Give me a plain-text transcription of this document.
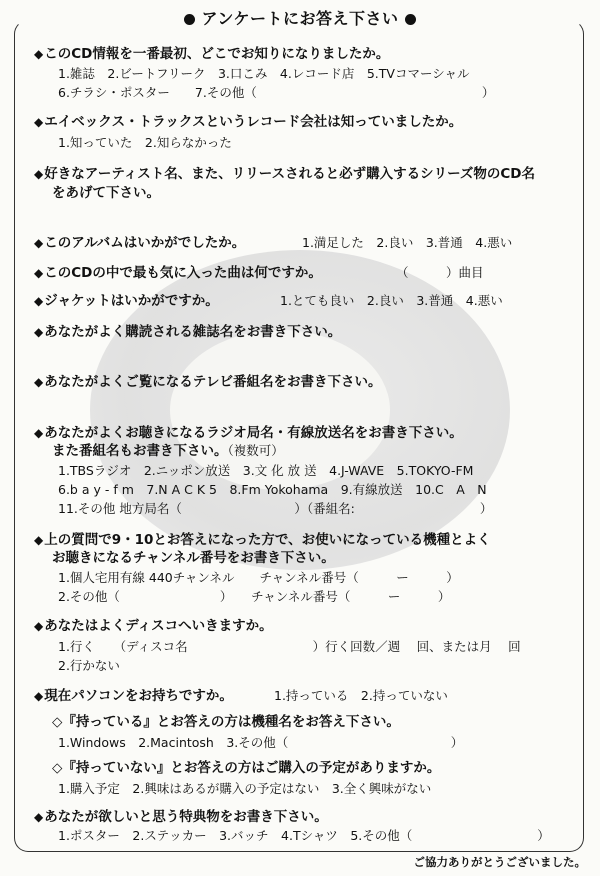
アンケートにお答え下さい
◆このCD情報を一番最初、どこでお知りになりましたか。
1.雑誌　2.ビートフリーク　3.口こみ　4.レコード店　5.TVコマーシャル
6.チラシ・ポスター　　7.その他（　　　　　　　　　　　　　　　　　　）
◆エイベックス・トラックスというレコード会社は知っていましたか。
1.知っていた　2.知らなかった
◆好きなアーティスト名、また、リリースされると必ず購入するシリーズ物のCD名
をあげて下さい。
◆このアルバムはいかがでしたか。	1.満足した　2.良い　3.普通　4.悪い
◆このCDの中で最も気に入った曲は何ですか。	（　　　）曲目
◆ジャケットはいかがですか。	1.とても良い　2.良い　3.普通　4.悪い
◆あなたがよく購読される雑誌名をお書き下さい。
◆あなたがよくご覧になるテレビ番組名をお書き下さい。
◆あなたがよくお聴きになるラジオ局名・有線放送名をお書き下さい。
また番組名もお書き下さい。（複数可）
1.TBSラジオ　2.ニッポン放送　3.文 化 放 送　4.J-WAVE　5.TOKYO-FM
6.b a y - f m　7.N A C K 5　8.Fm Yokohama　9.有線放送　10.C　A　N
11.その他 地方局名（　　　　　　　　　）（番組名:　　　　　　　　　　）
◆上の質問で9・10とお答えになった方で、お使いになっている機種とよく
お聴きになるチャンネル番号をお書き下さい。
1.個人宅用有線 440チャンネル　　チャンネル番号（　　　ー　　　）
2.その他（　　　　　　　　）　　チャンネル番号（　　　ー　　　）
◆あなたはよくディスコへいきますか。
1.行く　　（ディスコ名　　　　　　　　　　）行く回数／週　 回、または月　 回
2.行かない
◆現在パソコンをお持ちですか。	1.持っている　2.持っていない
◇『持っている』とお答えの方は機種名をお答え下さい。
1.Windows　2.Macintosh　3.その他（　　　　　　　　　　　　　）
◇『持っていない』とお答えの方はご購入の予定がありますか。
1.購入予定　2.興味はあるが購入の予定はない　3.全く興味がない
◆あなたが欲しいと思う特典物をお書き下さい。
1.ポスター　2.ステッカー　3.バッチ　4.Tシャツ　5.その他（　　　　　　　　　　）
ご協力ありがとうございました。
